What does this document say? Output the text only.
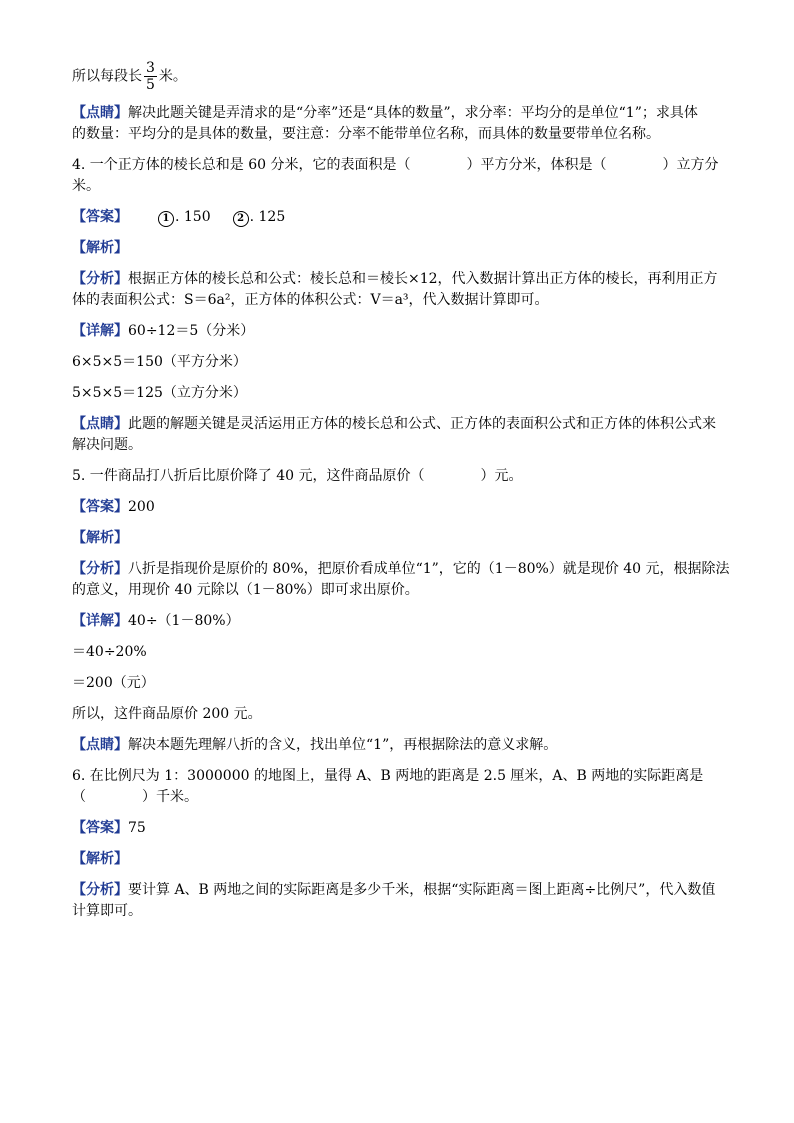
所以每段长 $\frac{3}{5}$ 米。

【点睛】解决此题关键是弄清求的是“分率”还是“具体的数量”，求分率：平均分的是单位“1”；求具体

的数量：平均分的是具体的数量，要注意：分率不能带单位名称，而具体的数量要带单位名称。

4. 一个正方体的棱长总和是 60 分米，它的表面积是（	）平方分米，体积是（	）立方分

米。

【答案】	1 . 150	2 . 125

【解析】

【分析】根据正方体的棱长总和公式：棱长总和＝棱长×12，代入数据计算出正方体的棱长，再利用正方

体的表面积公式：S＝6a²，正方体的体积公式：V＝a³，代入数据计算即可。

【详解】60÷12＝5（分米）

6×5×5＝150（平方分米）

5×5×5＝125（立方分米）

【点睛】此题的解题关键是灵活运用正方体的棱长总和公式、正方体的表面积公式和正方体的体积公式来

解决问题。

5. 一件商品打八折后比原价降了 40 元，这件商品原价（	）元。

【答案】200

【解析】

【分析】八折是指现价是原价的 80%，把原价看成单位“1”，它的（1－80%）就是现价 40 元，根据除法

的意义，用现价 40 元除以（1－80%）即可求出原价。

【详解】40÷（1－80%）

＝40÷20%

＝200（元）

所以，这件商品原价 200 元。

【点睛】解决本题先理解八折的含义，找出单位“1”，再根据除法的意义求解。

6. 在比例尺为 1：3000000 的地图上，量得 A、B 两地的距离是 2.5 厘米，A、B 两地的实际距离是

（	）千米。

【答案】75

【解析】

【分析】要计算 A、B 两地之间的实际距离是多少千米，根据“实际距离＝图上距离÷比例尺”，代入数值

计算即可。
